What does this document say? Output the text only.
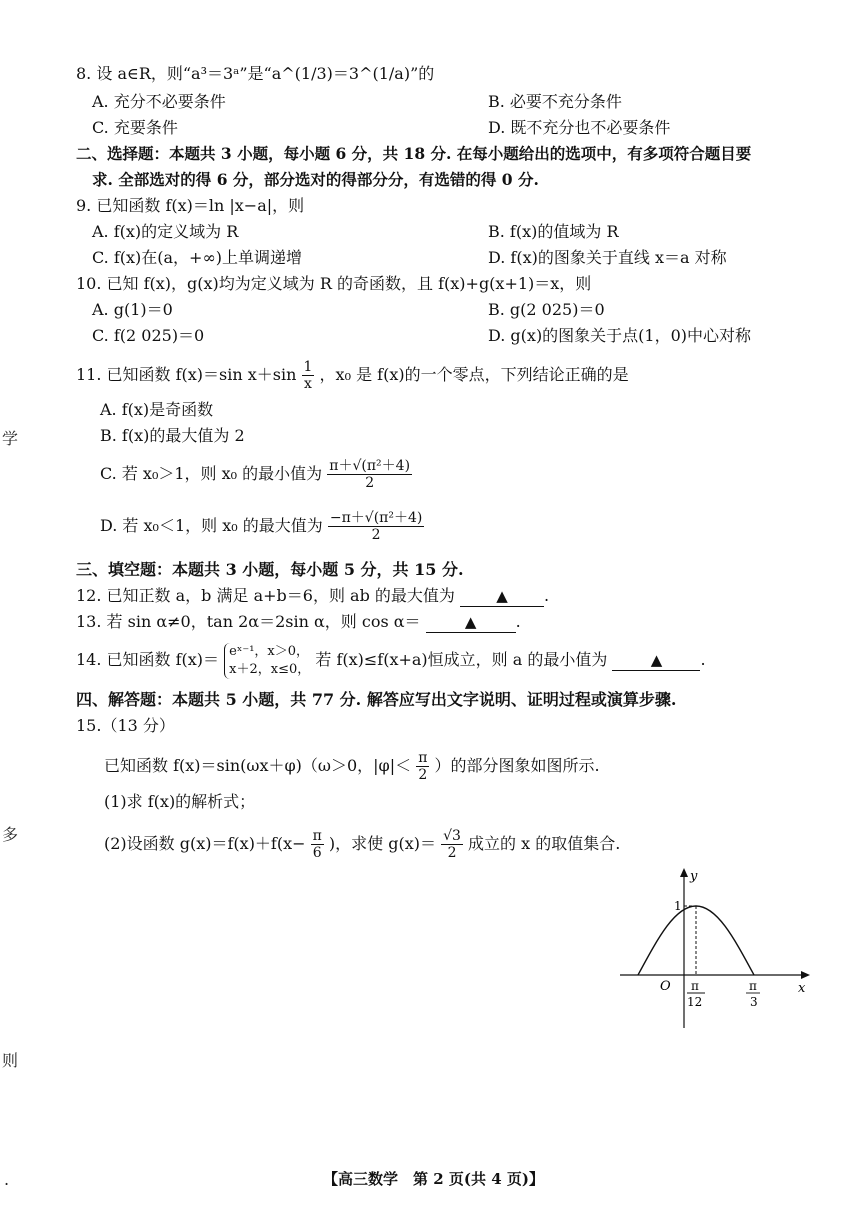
8. 设 a∈R，则“a³＝3ᵃ”是“a^(1/3)＝3^(1/a)”的
A. 充分不必要条件	B. 必要不充分条件
C. 充要条件	D. 既不充分也不必要条件
二、选择题：本题共 3 小题，每小题 6 分，共 18 分. 在每小题给出的选项中，有多项符合题目要
求. 全部选对的得 6 分，部分选对的得部分分，有选错的得 0 分.
9. 已知函数 f(x)＝ln |x−a|，则
A. f(x)的定义域为 R	B. f(x)的值域为 R
C. f(x)在(a，+∞)上单调递增	D. f(x)的图象关于直线 x＝a 对称
10. 已知 f(x)，g(x)均为定义域为 R 的奇函数，且 f(x)+g(x+1)＝x，则
A. g(1)＝0	B. g(2 025)＝0
C. f(2 025)＝0	D. g(x)的图象关于点(1，0)中心对称
11. 已知函数 f(x)＝sin $x+\sin \frac{1}{x}$ ，x₀ 是 f(x)的一个零点，下列结论正确的是
A. f(x)是奇函数
B. f(x)的最大值为 2
C. 若 x₀＞1，则 x₀ 的最小值为 $\frac{\text{π＋√(π²＋4)}}{2}$
D. 若 x₀＜1，则 x₀ 的最大值为 $\frac{\text{−π＋√(π²＋4)}}{2}$
三、填空题：本题共 3 小题，每小题 5 分，共 15 分.
12. 已知正数 a，b 满足 a+b＝6，则 ab 的最大值为	▲ .
13. 若 sin α≠0，tan 2α＝2sin α，则 cos α＝	▲ .
14. 已知函数 f(x)＝ eˣ⁻¹，x＞0，
x＋2，x≤0， 若 f(x)≤f(x+a)恒成立，则 a 的最小值为	▲ .
四、解答题：本题共 5 小题，共 77 分. 解答应写出文字说明、证明过程或演算步骤.
15.（13 分）
已知函数 f(x)＝sin(ωx＋φ)（ω＞0，$|\varphi|< \frac{\pi}{2}$ ）的部分图象如图所示.
(1)求 f(x)的解析式；
(2)设函数 $g(x)=f(x)+f(x- \frac{\pi}{6}$ )，求使 $g(x)= \frac{√3}{2}$ 成立的 x 的取值集合.
y
x
O
1
π
12
π
3
学
多
则
.	【高三数学　第 2 页(共 4 页)】
